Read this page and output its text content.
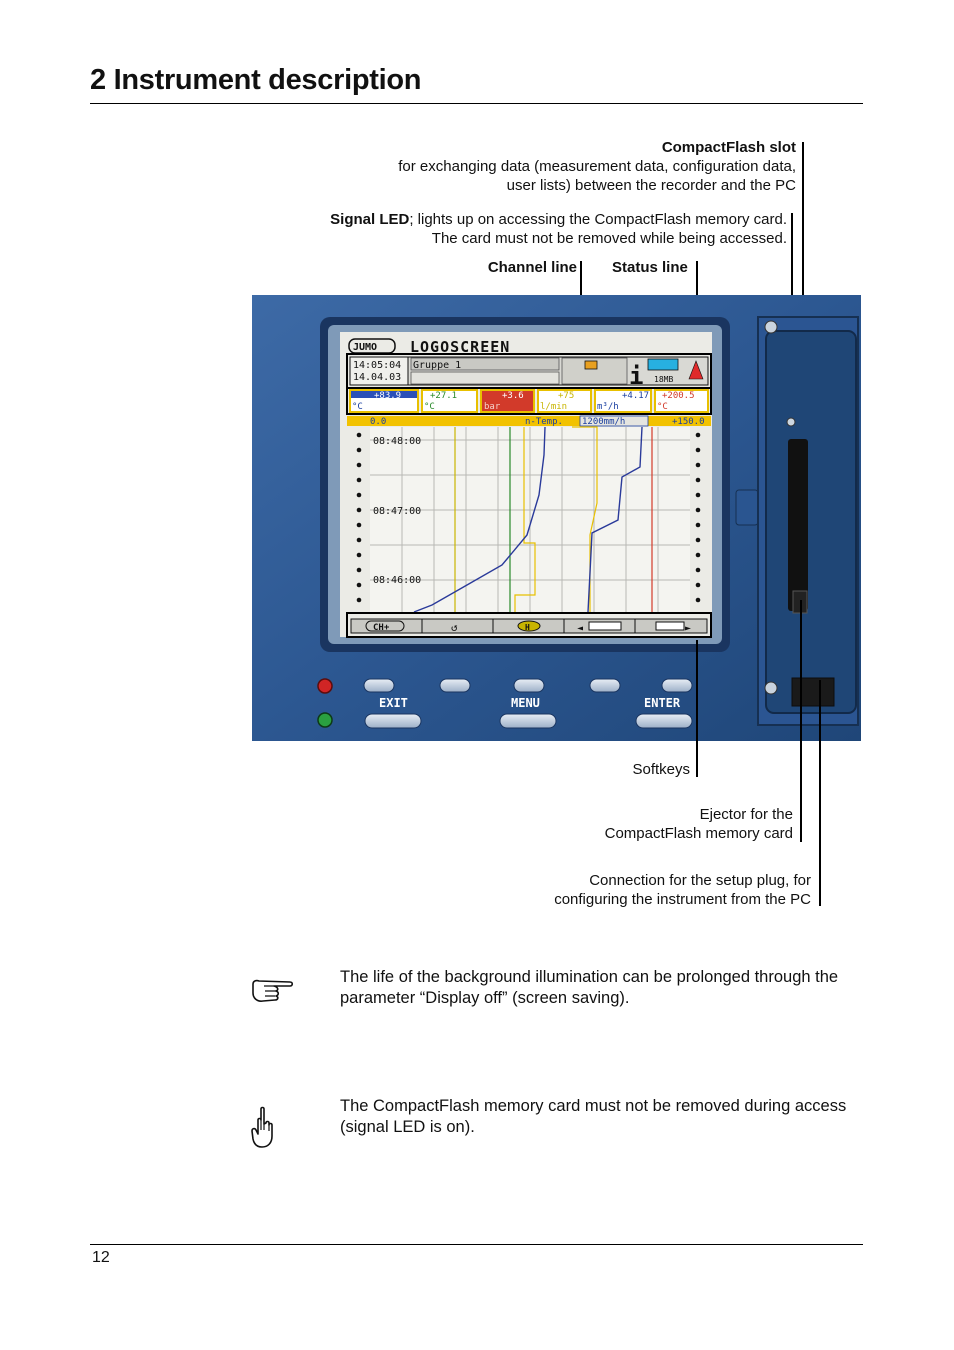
2 Instrument description
CompactFlash slot
for exchanging data (measurement data, configuration data,
user lists) between the recorder and the PC
Signal LED; lights up on accessing the CompactFlash memory card.
The card must not be removed while being accessed.
Channel line Status line
JUMO LOGOSCREEN
14:05:04
14.04.03
Gruppe 1	i 18MB
+83.9
°C
+27.1
°C
+3.6
bar
+75
l/min
+4.17
m³/h
+200.5
°C
0.0	n-Temp. 1200mm/h	+150.0
08:48:00
08:47:00
08:46:00
CH+	↺	H	◄	►
EXIT	MENU	ENTER
Softkeys
Ejector for the
CompactFlash memory card
Connection for the setup plug, for
configuring the instrument from the PC
The life of the background illumination can be prolonged through the parameter “Display off” (screen saving).
The CompactFlash memory card must not be removed during access (signal LED is on).
12
